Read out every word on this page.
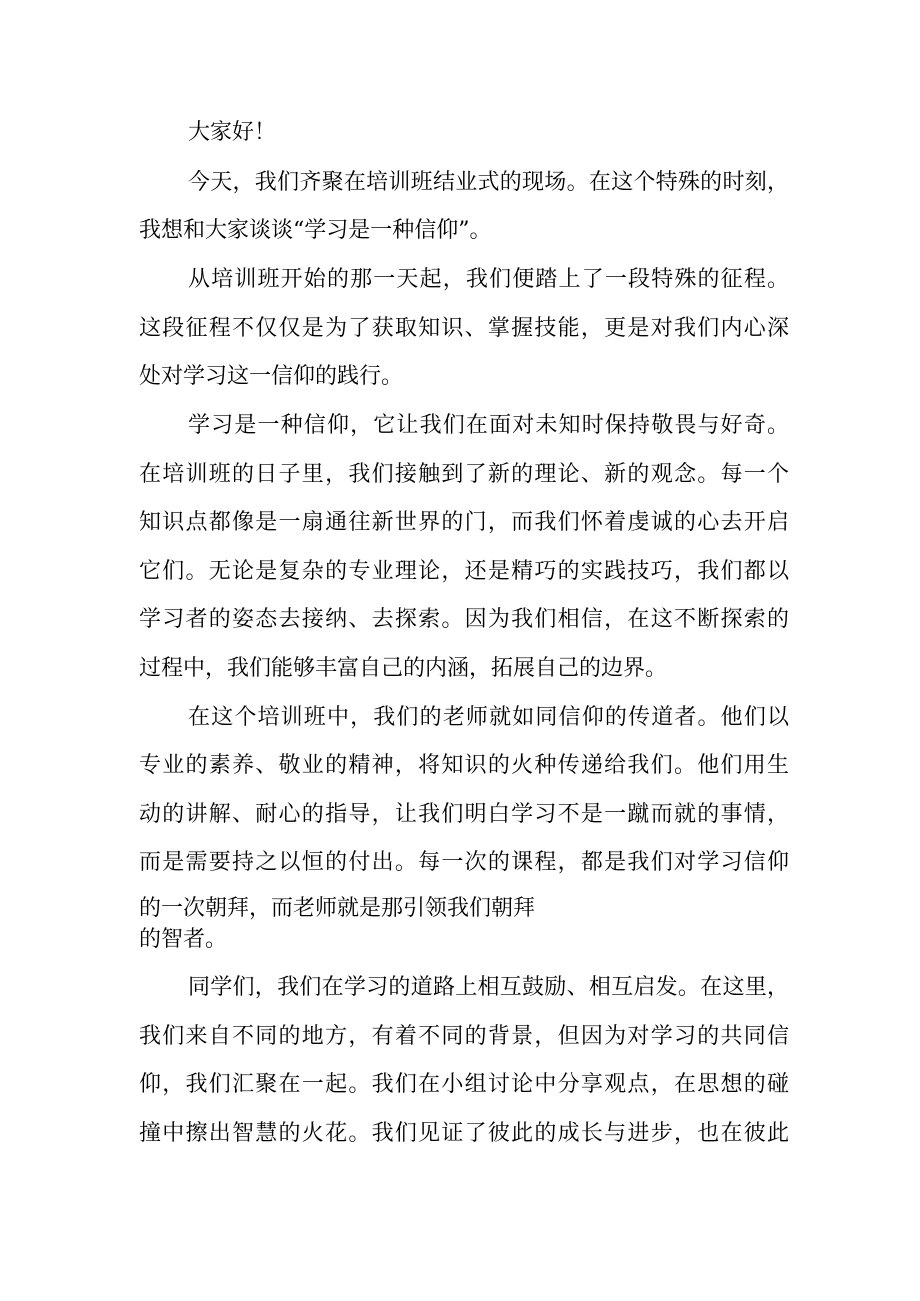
大家好！
今天，我们齐聚在培训班结业式的现场。在这个特殊的时刻，
我想和大家谈谈“学习是一种信仰”。
从培训班开始的那一天起，我们便踏上了一段特殊的征程。
这段征程不仅仅是为了获取知识、掌握技能，更是对我们内心深
处对学习这一信仰的践行。
学习是一种信仰，它让我们在面对未知时保持敬畏与好奇。
在培训班的日子里，我们接触到了新的理论、新的观念。每一个
知识点都像是一扇通往新世界的门，而我们怀着虔诚的心去开启
它们。无论是复杂的专业理论，还是精巧的实践技巧，我们都以
学习者的姿态去接纳、去探索。因为我们相信，在这不断探索的
过程中，我们能够丰富自己的内涵，拓展自己的边界。
在这个培训班中，我们的老师就如同信仰的传道者。他们以
专业的素养、敬业的精神，将知识的火种传递给我们。他们用生
动的讲解、耐心的指导，让我们明白学习不是一蹴而就的事情，
而是需要持之以恒的付出。每一次的课程，都是我们对学习信仰
的一次朝拜，而老师就是那引领我们朝拜
的智者。
同学们，我们在学习的道路上相互鼓励、相互启发。在这里，
我们来自不同的地方，有着不同的背景，但因为对学习的共同信
仰，我们汇聚在一起。我们在小组讨论中分享观点，在思想的碰
撞中擦出智慧的火花。我们见证了彼此的成长与进步，也在彼此
